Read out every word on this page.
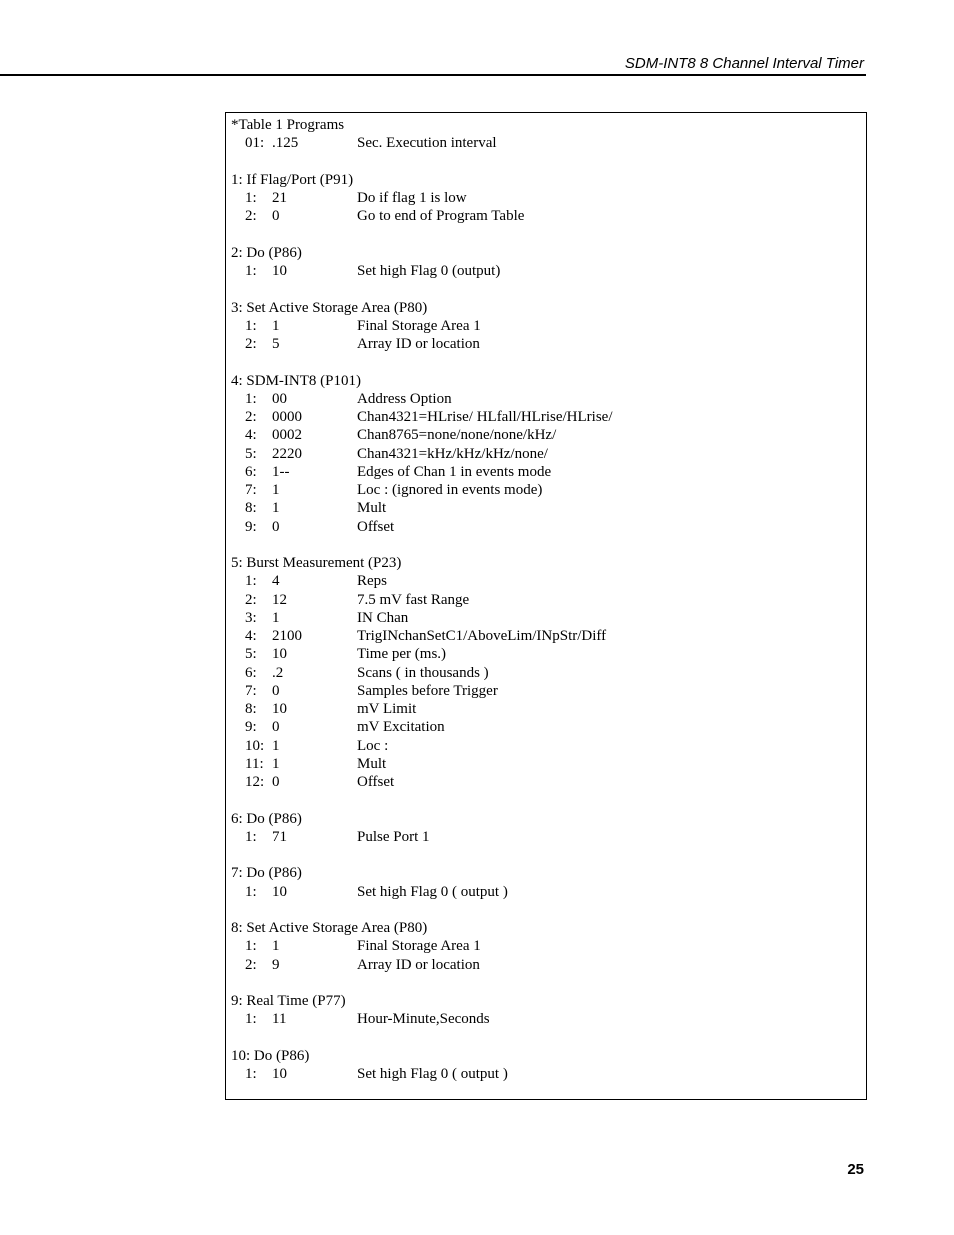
SDM-INT8 8 Channel Interval Timer
*Table 1 Programs
01: .125	Sec. Execution interval
1: If Flag/Port (P91)
1: 21	Do if flag 1 is low
2: 0	Go to end of Program Table
2: Do (P86)
1: 10	Set high Flag 0 (output)
3: Set Active Storage Area (P80)
1: 1	Final Storage Area 1
2: 5	Array ID or location
4: SDM-INT8 (P101)
1: 00	Address Option
2: 0000	Chan4321=HLrise/ HLfall/HLrise/HLrise/
4: 0002	Chan8765=none/none/none/kHz/
5: 2220	Chan4321=kHz/kHz/kHz/none/
6: 1--	Edges of Chan 1 in events mode
7: 1	Loc : (ignored in events mode)
8: 1	Mult
9: 0	Offset
5: Burst Measurement (P23)
1: 4	Reps
2: 12	7.5 mV fast Range
3: 1	IN Chan
4: 2100	TrigINchanSetC1/AboveLim/INpStr/Diff
5: 10	Time per (ms.)
6: .2	Scans ( in thousands )
7: 0	Samples before Trigger
8: 10	mV Limit
9: 0	mV Excitation
10: 1	Loc :
11: 1	Mult
12: 0	Offset
6: Do (P86)
1: 71	Pulse Port 1
7: Do (P86)
1: 10	Set high Flag 0 ( output )
8: Set Active Storage Area (P80)
1: 1	Final Storage Area 1
2: 9	Array ID or location
9: Real Time (P77)
1: 11	Hour-Minute,Seconds
10: Do (P86)
1: 10	Set high Flag 0 ( output )
25
